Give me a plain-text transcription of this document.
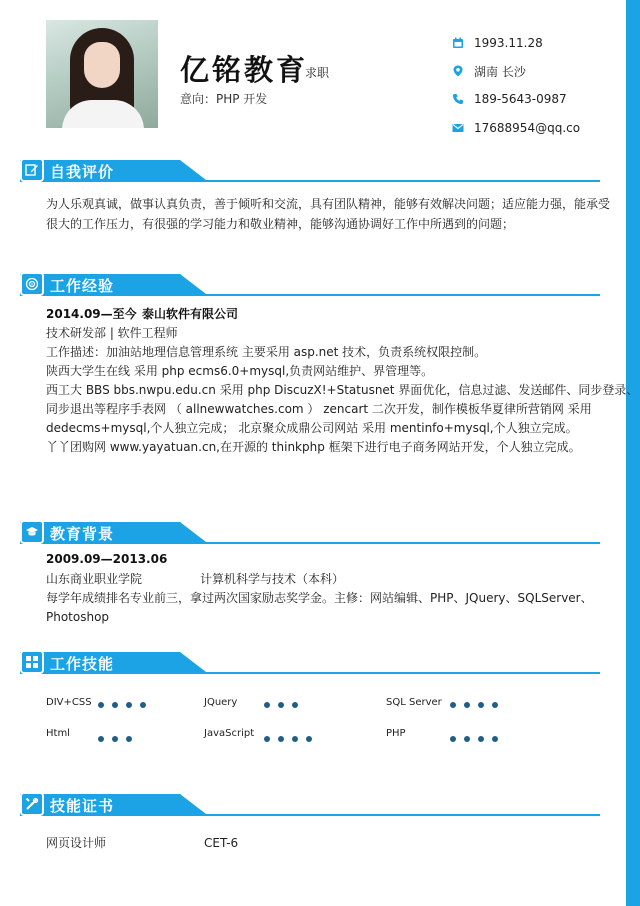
亿铭教育
求职
意向：PHP 开发
1993.11.28
湖南 长沙
189-5643-0987
17688954@qq.co
自我评价
为人乐观真诚，做事认真负责，善于倾听和交流，具有团队精神，能够有效解决问题；适应能力强，能承受
很大的工作压力，有很强的学习能力和敬业精神，能够沟通协调好工作中所遇到的问题；
工作经验
2014.09—至今 泰山软件有限公司
技术研发部 | 软件工程师
工作描述：加油站地理信息管理系统 主要采用 asp.net 技术，负责系统权限控制。
陕西大学生在线 采用 php ecms6.0+mysql,负责网站维护、界管理等。
西工大 BBS bbs.nwpu.edu.cn 采用 php DiscuzX!+Statusnet 界面优化，信息过滤、发送邮件、同步登录、
同步退出等程序手表网 （ allnewwatches.com ） zencart 二次开发，制作模板华夏律所营销网 采用
dedecms+mysql,个人独立完成； 北京聚众成鼎公司网站 采用 mentinfo+mysql,个人独立完成。
丫丫团购网 www.yayatuan.cn,在开源的 thinkphp 框架下进行电子商务网站开发，个人独立完成。
教育背景
2009.09—2013.06
山东商业职业学院	计算机科学与技术（本科）
每学年成绩排名专业前三，拿过两次国家励志奖学金。主修：网站编辑、PHP、JQuery、SQLServer、
Photoshop
工作技能
DIV+CSS	JQuery	SQL Server
Html	JavaScript	PHP
技能证书
网页设计师	CET-6
